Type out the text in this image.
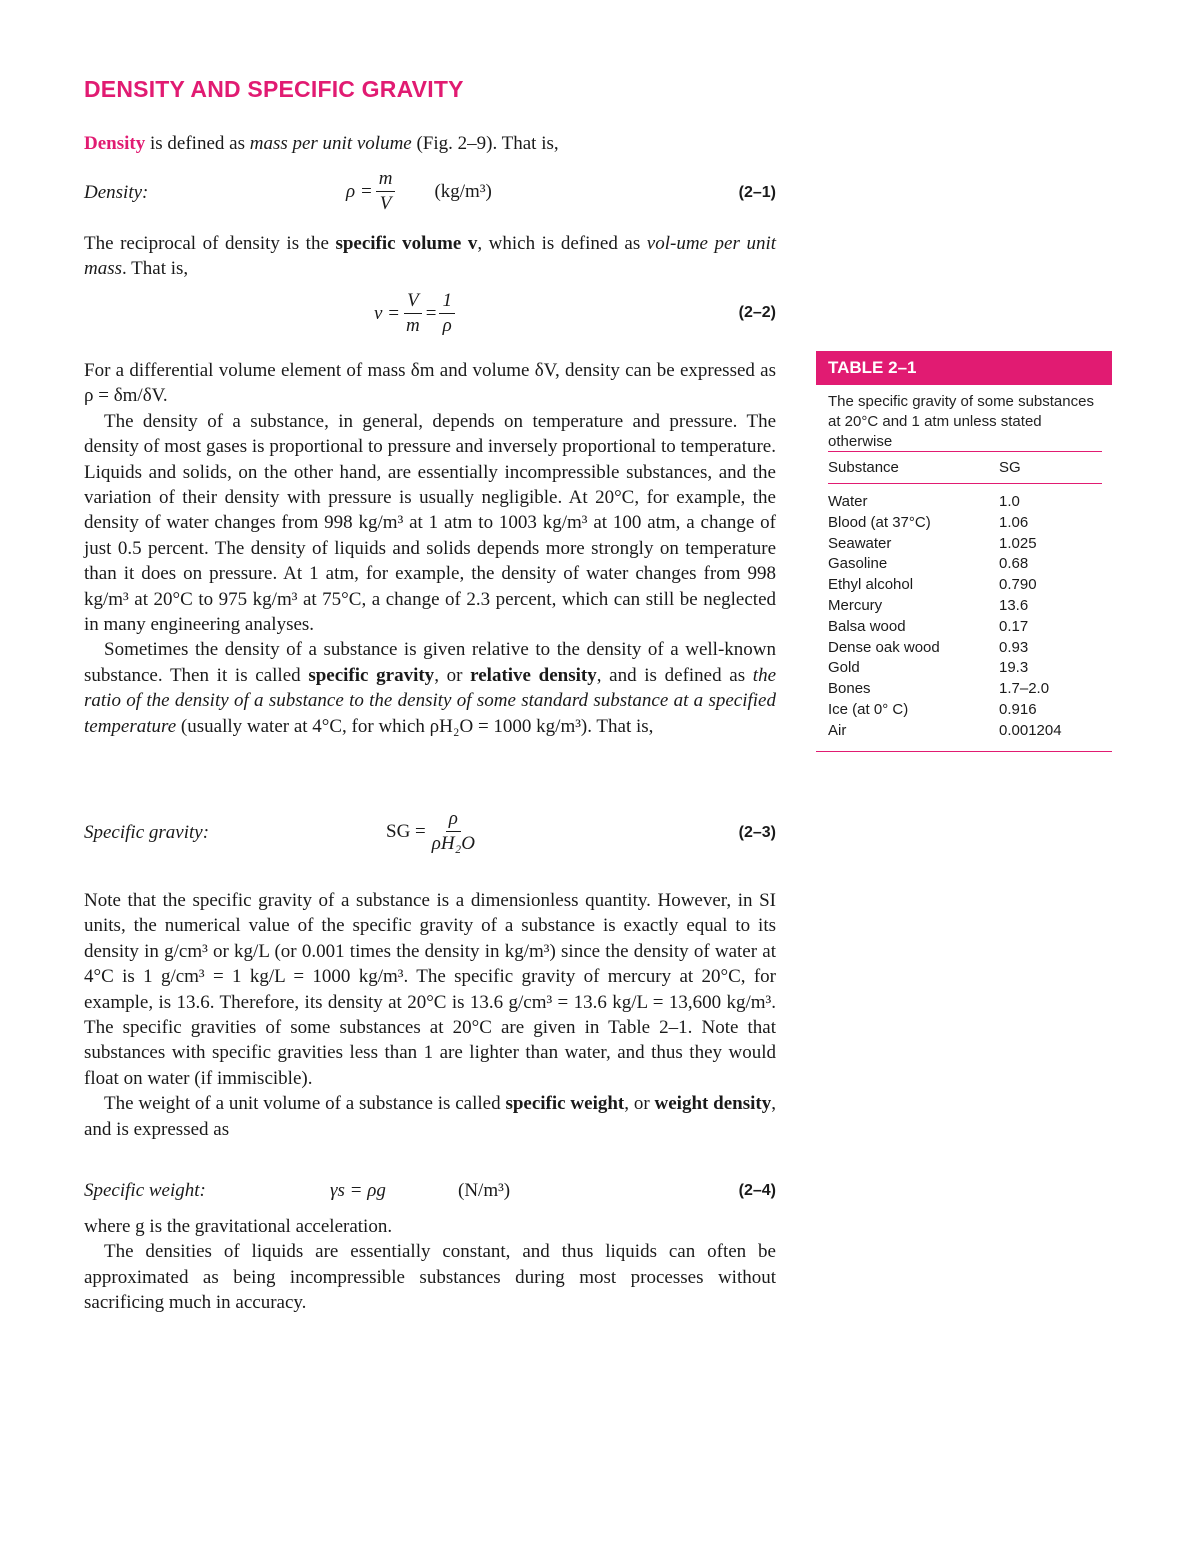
DENSITY AND SPECIFIC GRAVITY

Density is defined as mass per unit volume (Fig. 2–9). That is,

Density:	$\rho = \frac{m}{V} (kg/m^3)$	(2–1)

The reciprocal of density is the specific volume v, which is defined as vol-ume per unit mass. That is,

$v = \frac{V}{m} = \frac{1}{\rho}$	(2–2)

For a differential volume element of mass δm and volume δV, density can be expressed as ρ = δm/δV.

The density of a substance, in general, depends on temperature and pressure. The density of most gases is proportional to pressure and inversely proportional to temperature. Liquids and solids, on the other hand, are essentially incompressible substances, and the variation of their density with pressure is usually negligible. At 20°C, for example, the density of water changes from 998 kg/m³ at 1 atm to 1003 kg/m³ at 100 atm, a change of just 0.5 percent. The density of liquids and solids depends more strongly on temperature than it does on pressure. At 1 atm, for example, the density of water changes from 998 kg/m³ at 20°C to 975 kg/m³ at 75°C, a change of 2.3 percent, which can still be neglected in many engineering analyses.

Sometimes the density of a substance is given relative to the density of a well-known substance. Then it is called specific gravity, or relative density, and is defined as the ratio of the density of a substance to the density of some standard substance at a specified temperature (usually water at 4°C, for which ρH₂O = 1000 kg/m³). That is,

Specific gravity:	SG = $\frac{\rho}{\text{ρH₂O}}$	(2–3)

Note that the specific gravity of a substance is a dimensionless quantity. However, in SI units, the numerical value of the specific gravity of a substance is exactly equal to its density in g/cm³ or kg/L (or 0.001 times the density in kg/m³) since the density of water at 4°C is 1 g/cm³ = 1 kg/L = 1000 kg/m³. The specific gravity of mercury at 20°C, for example, is 13.6. Therefore, its density at 20°C is 13.6 g/cm³ = 13.6 kg/L = 13,600 kg/m³. The specific gravities of some substances at 20°C are given in Table 2–1. Note that substances with specific gravities less than 1 are lighter than water, and thus they would float on water (if immiscible).

The weight of a unit volume of a substance is called specific weight, or weight density, and is expressed as

Specific weight:	γs = ρg	(N/m³)	(2–4)

where g is the gravitational acceleration.

The densities of liquids are essentially constant, and thus liquids can often be approximated as being incompressible substances during most processes without sacrificing much in accuracy.

TABLE 2–1
The specific gravity of some substances at 20°C and 1 atm unless stated otherwise
Substance	SG
Water	1.0
Blood (at 37°C)	1.06
Seawater	1.025
Gasoline	0.68
Ethyl alcohol	0.790
Mercury	13.6
Balsa wood	0.17
Dense oak wood	0.93
Gold	19.3
Bones	1.7–2.0
Ice (at 0° C)	0.916
Air	0.001204
